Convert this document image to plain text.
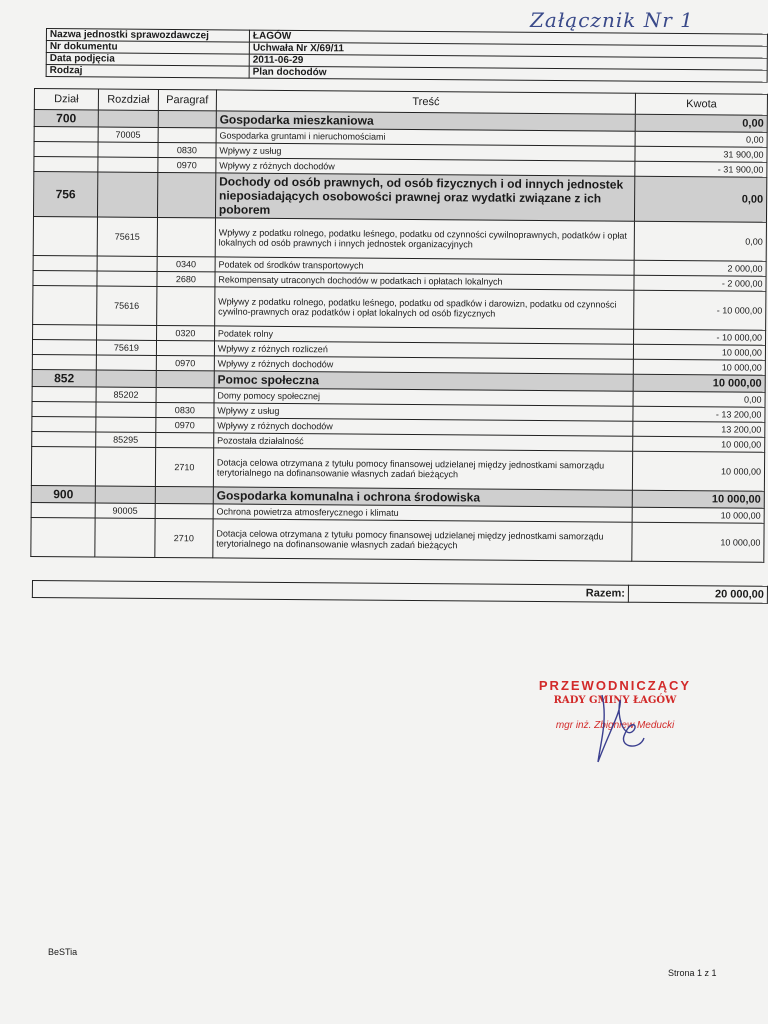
Załącznik Nr 1
Nazwa jednostki sprawozdawczej	ŁAGÓW
Nr dokumentu	Uchwała Nr X/69/11
Data podjęcia	2011-06-29
Rodzaj	Plan dochodów
Dział	Rozdział	Paragraf	Treść	Kwota
700			Gospodarka mieszkaniowa	0,00
	70005		Gospodarka gruntami i nieruchomościami	0,00
		0830	Wpływy z usług	31 900,00
		0970	Wpływy z różnych dochodów	- 31 900,00
756			Dochody od osób prawnych, od osób fizycznych i od innych jednostek nieposiadających osobowości prawnej oraz wydatki związane z ich poborem	0,00
	75615		Wpływy z podatku rolnego, podatku leśnego, podatku od czynności cywilnoprawnych, podatków i opłat lokalnych od osób prawnych i innych jednostek organizacyjnych	0,00
		0340	Podatek od środków transportowych	2 000,00
		2680	Rekompensaty utraconych dochodów w podatkach i opłatach lokalnych	- 2 000,00
	75616		Wpływy z podatku rolnego, podatku leśnego, podatku od spadków i darowizn, podatku od czynności cywilno-prawnych oraz podatków i opłat lokalnych od osób fizycznych	- 10 000,00
		0320	Podatek rolny	- 10 000,00
	75619		Wpływy z różnych rozliczeń	10 000,00
		0970	Wpływy z różnych dochodów	10 000,00
852			Pomoc społeczna	10 000,00
	85202		Domy pomocy społecznej	0,00
		0830	Wpływy z usług	- 13 200,00
		0970	Wpływy z różnych dochodów	13 200,00
	85295		Pozostała działalność	10 000,00
		2710	Dotacja celowa otrzymana z tytułu pomocy finansowej udzielanej między jednostkami samorządu terytorialnego na dofinansowanie własnych zadań bieżących	10 000,00
900			Gospodarka komunalna i ochrona środowiska	10 000,00
	90005		Ochrona powietrza atmosferycznego i klimatu	10 000,00
		2710	Dotacja celowa otrzymana z tytułu pomocy finansowej udzielanej między jednostkami samorządu terytorialnego na dofinansowanie własnych zadań bieżących	10 000,00
Razem:	20 000,00
PRZEWODNICZĄCY
RADY GMINY ŁAGÓW
mgr inż. Zbigniew Meducki
BeSTia
Strona 1 z 1
